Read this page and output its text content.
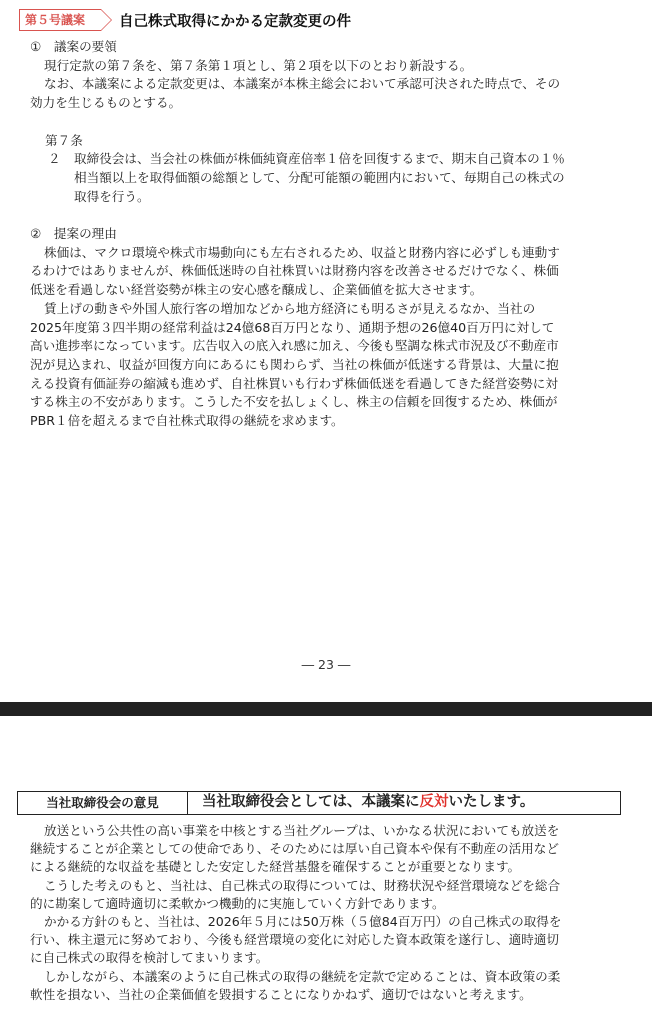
第５号議案	自己株式取得にかかる定款変更の件
①　議案の要領
現行定款の第７条を、第７条第１項とし、第２項を以下のとおり新設する。
なお、本議案による定款変更は、本議案が本株主総会において承認可決された時点で、その
効力を生じるものとする。
第７条
２	取締役会は、当会社の株価が株価純資産倍率１倍を回復するまで、期末自己資本の１％
相当額以上を取得価額の総額として、分配可能額の範囲内において、毎期自己の株式の
取得を行う。
②　提案の理由
株価は、マクロ環境や株式市場動向にも左右されるため、収益と財務内容に必ずしも連動す
るわけではありませんが、株価低迷時の自社株買いは財務内容を改善させるだけでなく、株価
低迷を看過しない経営姿勢が株主の安心感を醸成し、企業価値を拡大させます。
賃上げの動きや外国人旅行客の増加などから地方経済にも明るさが見えるなか、当社の
2025年度第３四半期の経常利益は24億68百万円となり、通期予想の26億40百万円に対して
高い進捗率になっています。広告収入の底入れ感に加え、今後も堅調な株式市況及び不動産市
況が見込まれ、収益が回復方向にあるにも関わらず、当社の株価が低迷する背景は、大量に抱
える投資有価証券の縮減も進めず、自社株買いも行わず株価低迷を看過してきた経営姿勢に対
する株主の不安があります。こうした不安を払しょくし、株主の信頼を回復するため、株価が
PBR１倍を超えるまで自社株式取得の継続を求めます。
― 23 ―
当社取締役会の意見	当社取締役会としては、本議案に反対いたします。
放送という公共性の高い事業を中核とする当社グループは、いかなる状況においても放送を
継続することが企業としての使命であり、そのためには厚い自己資本や保有不動産の活用など
による継続的な収益を基礎とした安定した経営基盤を確保することが重要となります。
こうした考えのもと、当社は、自己株式の取得については、財務状況や経営環境などを総合
的に勘案して適時適切に柔軟かつ機動的に実施していく方針であります。
かかる方針のもと、当社は、2026年５月には50万株（５億84百万円）の自己株式の取得を
行い、株主還元に努めており、今後も経営環境の変化に対応した資本政策を遂行し、適時適切
に自己株式の取得を検討してまいります。
しかしながら、本議案のように自己株式の取得の継続を定款で定めることは、資本政策の柔
軟性を損ない、当社の企業価値を毀損することになりかねず、適切ではないと考えます。
